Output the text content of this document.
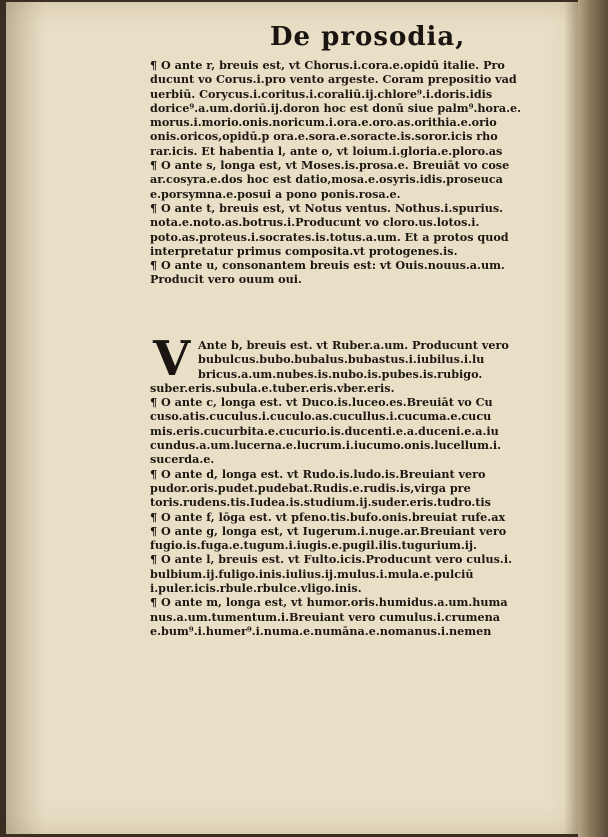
De prosodia,
¶ O ante r, breuis est, vt Chorus.i.cora.e.opidū italie. Pro
ducunt vo Corus.i.pro vento argeste. Coram prepositio vad
uerbiū. Corycus.i.coritus.i.coraliū.ij.chlore⁹.i.doris.idis
dorice⁹.a.um.doriū.ij.doron hoc est donū siue palm⁹.hora.e.
morus.i.morio.onis.noricum.i.ora.e.oro.as.orithia.e.orio
onis.oricos,opidū.p ora.e.sora.e.soracte.is.soror.icis rho
rar.icis. Et habentia l, ante o, vt loium.i.gloria.e.ploro.as
¶ O ante s, longa est, vt Moses.is.prosa.e. Breuiāt vo cose
ar.cosyra.e.dos hoc est datio,mosa.e.osyris.idis.proseuca
e.porsymna.e.posui a pono ponis.rosa.e.
¶ O ante t, breuis est, vt Notus ventus. Nothus.i.spurius.
nota.e.noto.as.botrus.i.Producunt vo cloro.us.lotos.i.
poto.as.proteus.i.socrates.is.totus.a.um. Et a protos quod
interpretatur primus composita.vt protogenes.is.
¶ O ante u, consonantem breuis est: vt Ouis.nouus.a.um.
Producit vero ouum oui.
V Ante b, breuis est. vt Ruber.a.um. Producunt vero
bubulcus.bubo.bubalus.bubastus.i.iubilus.i.lu
bricus.a.um.nubes.is.nubo.is.pubes.is.rubigo.
suber.eris.subula.e.tuber.eris.vber.eris.
¶ O ante c, longa est. vt Duco.is.luceo.es.Breuiāt vo Cu
cuso.atis.cuculus.i.cuculo.as.cucullus.i.cucuma.e.cucu
mis.eris.cucurbita.e.cucurio.is.ducenti.e.a.duceni.e.a.iu
cundus.a.um.lucerna.e.lucrum.i.iucumo.onis.lucellum.i.
sucerda.e.
¶ O ante d, longa est. vt Rudo.is.ludo.is.Breuiant vero
pudor.oris.pudet.pudebat.Rudis.e.rudis.is,virga pre
toris.rudens.tis.Iudea.is.studium.ij.suder.eris.tudro.tis
¶ O ante f, lōga est. vt pfeno.tis.bufo.onis.breuiat rufe.ax
¶ O ante g, longa est, vt Iugerum.i.nuge.ar.Breuiant vero
fugio.is.fuga.e.tugum.i.iugis.e.pugil.ilis.tugurium.ij.
¶ O ante l, breuis est. vt Fulto.icis.Producunt vero culus.i.
bulbium.ij.fuligo.inis.iulius.ij.mulus.i.mula.e.pulciū
i.puler.icis.rbule.rbulce.vligo.inis.
¶ O ante m, longa est, vt humor.oris.humidus.a.um.huma
nus.a.um.tumentum.i.Breuiant vero cumulus.i.crumena
e.bum⁹.i.humer⁹.i.numa.e.numāna.e.nomanus.i.nemen
